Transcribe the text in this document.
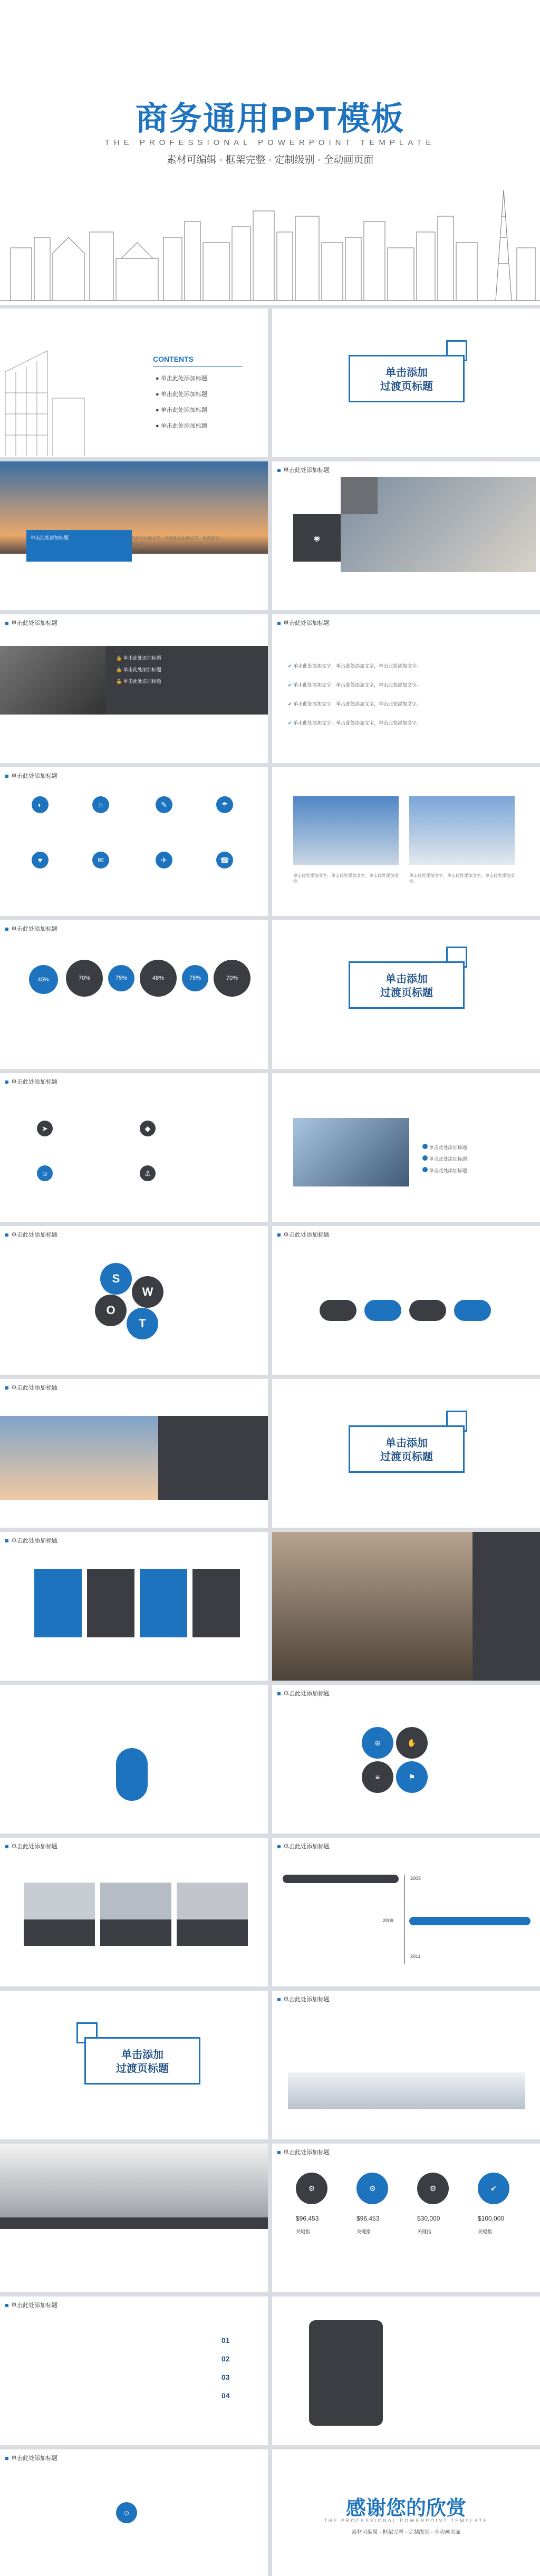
商务通用PPT模板
THE PROFESSIONAL POWERPOINT TEMPLATE
素材可编辑 · 框架完整 · 定制级别 · 全动画页面
CONTENTS
● 单击此处添加标题
● 单击此处添加标题
● 单击此处添加标题
● 单击此处添加标题
单击添加
过渡页标题
单击此处添加标题	单击此处添加文字，单击此处添加文字，单击此处添加文字。
单击此处添加标题
◉
单击此处添加标题
🔒 单击此处添加标题
🔒 单击此处添加标题
🔒 单击此处添加标题
单击此处添加标题
✔ 单击此处添加文字，单击此处添加文字，单击此处添加文字。
✔ 单击此处添加文字，单击此处添加文字，单击此处添加文字。
✔ 单击此处添加文字，单击此处添加文字，单击此处添加文字。
✔ 单击此处添加文字，单击此处添加文字，单击此处添加文字。
单击此处添加标题
◐	⌂	✎	☂
♥	✉	✈	☎
单击此处添加文字，单击此处添加文字，单击此处添加文字。
单击此处添加文字，单击此处添加文字，单击此处添加文字。
单击此处添加标题
45%	70%	75%	48%	75%	70%	单击添加
过渡页标题
单击此处添加标题
➤	◆
☺	⚓
单击此处添加标题
单击此处添加标题
单击此处添加标题
单击此处添加标题
S
W
O
T
单击此处添加标题
单击此处添加标题
单击添加
过渡页标题
单击此处添加标题
单击此处添加标题
⊕	✋
≡	⚑
单击此处添加标题	单击此处添加标题
2005
2009
2011
单击添加
过渡页标题
单击此处添加标题
单击此处添加标题
⚙	⚙	⚙	✔
$96,453	$96,453	$30,000	$100,000
关键指	关键指	关键指	关键指
单击此处添加标题
01
02
03
04
单击此处添加标题
☺	感谢您的欣赏
THE PROFESSIONAL POWERPOINT TEMPLATE
素材可编辑 · 框架完整 · 定制级别 · 全动画页面
